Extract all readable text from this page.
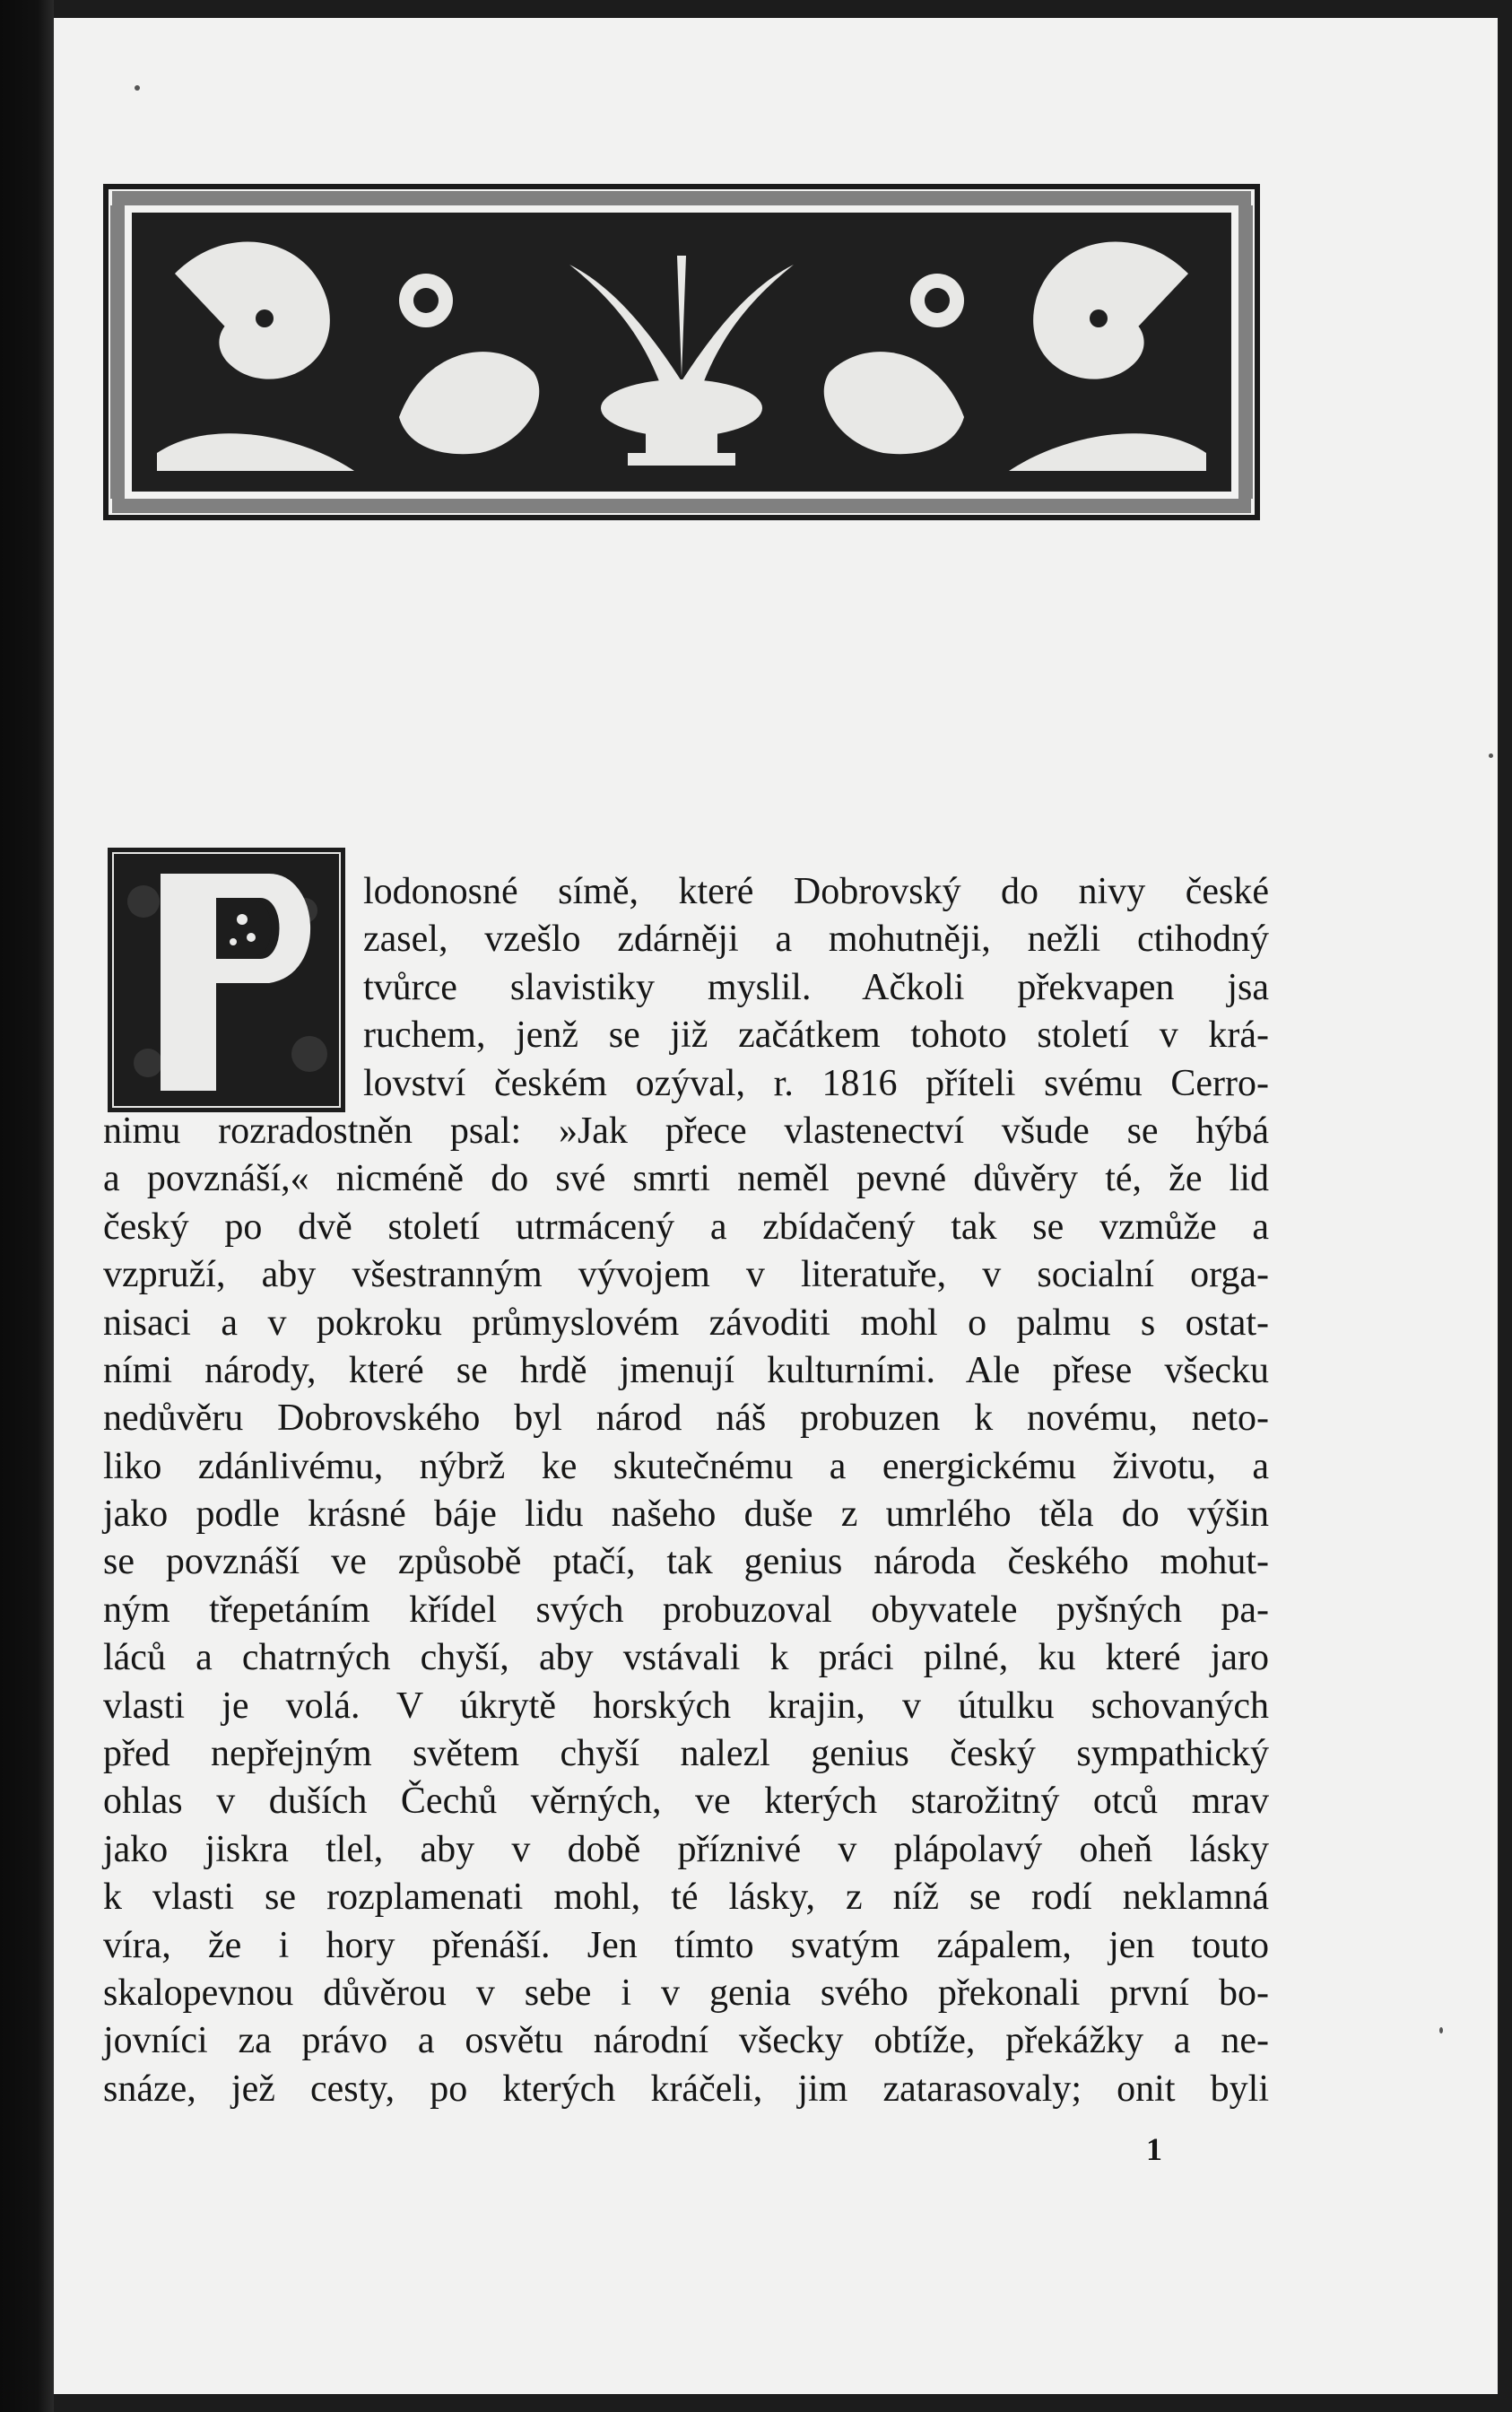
lodonosné símě, které Dobrovský do nivy české
zasel, vzešlo zdárněji a mohutněji, nežli ctihodný
tvůrce slavistiky myslil. Ačkoli překvapen jsa
ruchem, jenž se již začátkem tohoto století v krá-
lovství českém ozýval, r. 1816 příteli svému Cerro-
nimu rozradostněn psal: »Jak přece vlastenectví všude se hýbá
a povznáší,« nicméně do své smrti neměl pevné důvěry té, že lid
český po dvě století utrmácený a zbídačený tak se vzmůže a
vzpruží, aby všestranným vývojem v literatuře, v socialní orga-
nisaci a v pokroku průmyslovém závoditi mohl o palmu s ostat-
ními národy, které se hrdě jmenují kulturními. Ale přese všecku
nedůvěru Dobrovského byl národ náš probuzen k novému, neto-
liko zdánlivému, nýbrž ke skutečnému a energickému životu, a
jako podle krásné báje lidu našeho duše z umrlého těla do výšin
se povznáší ve způsobě ptačí, tak genius národa českého mohut-
ným třepetáním křídel svých probuzoval obyvatele pyšných pa-
láců a chatrných chyší, aby vstávali k práci pilné, ku které jaro
vlasti je volá. V úkrytě horských krajin, v útulku schovaných
před nepřejným světem chyší nalezl genius český sympathický
ohlas v duších Čechů věrných, ve kterých starožitný otců mrav
jako jiskra tlel, aby v době příznivé v plápolavý oheň lásky
k vlasti se rozplamenati mohl, té lásky, z níž se rodí neklamná
víra, že i hory přenáší. Jen tímto svatým zápalem, jen touto
skalopevnou důvěrou v sebe i v genia svého překonali první bo-
jovníci za právo a osvětu národní všecky obtíže, překážky a ne-
snáze, jež cesty, po kterých kráčeli, jim zatarasovaly; onit byli
1
